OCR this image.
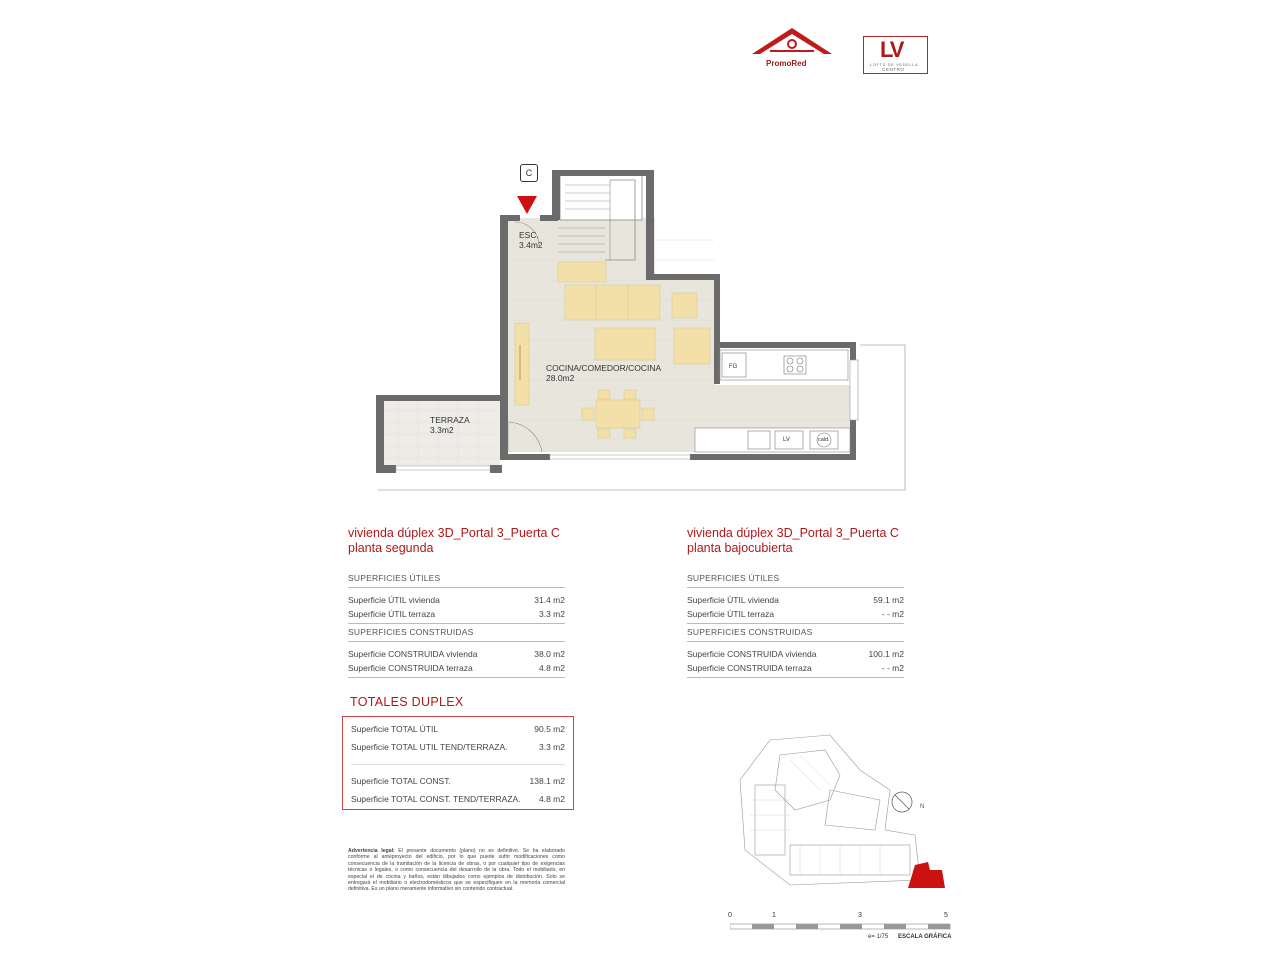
PromoRed
LV
LOFTS DE VEDELLA
CENTRO
C
ESC.
3.4m2
COCINA/COMEDOR/COCINA
28.0m2
TERRAZA
3.3m2
FG
LV	cald.
vivienda dúplex 3D_Portal 3_Puerta C
planta segunda
SUPERFICIES ÚTILES
Superficie ÚTIL vivienda	31.4 m2
Superficie ÚTIL terraza	3.3 m2
SUPERFICIES CONSTRUIDAS
Superficie CONSTRUIDA vivienda	38.0 m2
Superficie CONSTRUIDA terraza	4.8 m2
vivienda dúplex 3D_Portal 3_Puerta C
planta bajocubierta
SUPERFICIES ÚTILES
Superficie ÚTIL vivienda	59.1 m2
Superficie ÚTIL terraza	- - m2
SUPERFICIES CONSTRUIDAS
Superficie CONSTRUIDA vivienda	100.1 m2
Superficie CONSTRUIDA terraza	- - m2
TOTALES DUPLEX
Superficie TOTAL ÚTIL	90.5 m2
Superficie TOTAL UTIL TEND/TERRAZA.	3.3 m2
Superficie TOTAL CONST.	138.1 m2
Superficie TOTAL CONST. TEND/TERRAZA. 4.8 m2
Advertencia legal: El presente documento (plano) no es definitivo. Se ha elaborado conforme al anteproyecto del edificio, por lo que puede sufrir modificaciones como consecuencia de la tramitación de la licencia de obras, o por cualquier tipo de exigencias técnicas o legales, o como consecuencia del desarrollo de la obra. Todo el mobiliario, en especial el de cocina y baños, están dibujados como ejemplos de distribución. Solo se entregará el mobiliario o electrodomésticos que se especifiquen en la memoria comercial definitiva. Es un plano meramente informativo sin contenido contractual.
N
0	1	3	5
e= 1/75 ESCALA GRÁFICA
